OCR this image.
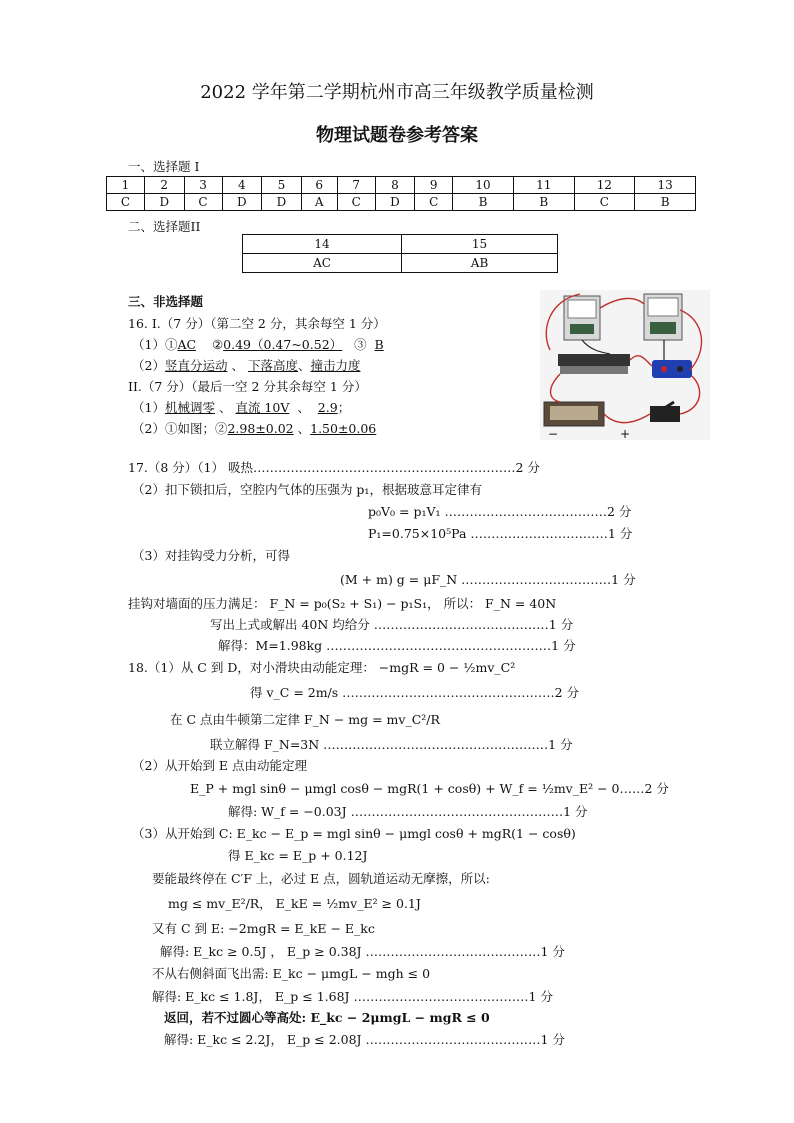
2022 学年第二学期杭州市高三年级教学质量检测
物理试题卷参考答案
一、选择题 I
1	2	3	4	5	6	7	8	9	10	11	12	13
C	D	C	D	D	A	C	D	C	B	B	C	B
二、选择题II
14	15
AC	AB
三、非选择题
16. I.（7 分）（第二空 2 分，其余每空 1 分）
（1）①AC ②0.49（0.47~0.52） ③ B
（2）竖直分运动 、 下落高度、撞击力度
II.（7 分）（最后一空 2 分其余每空 1 分）
（1）机械调零 、 直流 10V 、 2.9；
（2）①如图；②2.98±0.02 、1.50±0.06	−	+
17.（8 分）（1） 吸热………………………………………………………2 分
（2）扣下锁扣后，空腔内气体的压强为 p₁，根据玻意耳定律有
p₀V₀ = p₁V₁ …………………………………2 分
P₁=0.75×10⁵Pa ……………………………1 分
（3）对挂钩受力分析，可得
(M + m) g = μF_N ………………………………1 分
挂钩对墙面的压力满足： F_N = p₀(S₂ + S₁) − p₁S₁， 所以： F_N = 40N
写出上式或解出 40N 均给分 ……………………………………1 分
解得：M=1.98kg ………………………………………………1 分
18.（1）从 C 到 D，对小滑块由动能定理： −mgR = 0 − ½mv_C²
得 v_C = 2m/s ……………………………………………2 分
在 C 点由牛顿第二定律 F_N − mg = mv_C²/R
联立解得 F_N=3N ………………………………………………1 分
（2）从开始到 E 点由动能定理
E_P + mgl sinθ − μmgl cosθ − mgR(1 + cosθ) + W_f = ½mv_E² − 0……2 分
解得: W_f = −0.03J ……………………………………………1 分
（3）从开始到 C: E_kc − E_p = mgl sinθ − μmgl cosθ + mgR(1 − cosθ)
得 E_kc = E_p + 0.12J
要能最终停在 C′F 上，必过 E 点，圆轨道运动无摩擦，所以:
mg ≤ mv_E²/R， E_kE = ½mv_E² ≥ 0.1J
又有 C 到 E: −2mgR = E_kE − E_kc
解得: E_kc ≥ 0.5J ， E_p ≥ 0.38J ……………………………………1 分
不从右侧斜面飞出需: E_kc − μmgL − mgh ≤ 0
解得: E_kc ≤ 1.8J， E_p ≤ 1.68J ……………………………………1 分
返回，若不过圆心等高处: E_kc − 2μmgL − mgR ≤ 0
解得: E_kc ≤ 2.2J， E_p ≤ 2.08J ……………………………………1 分
